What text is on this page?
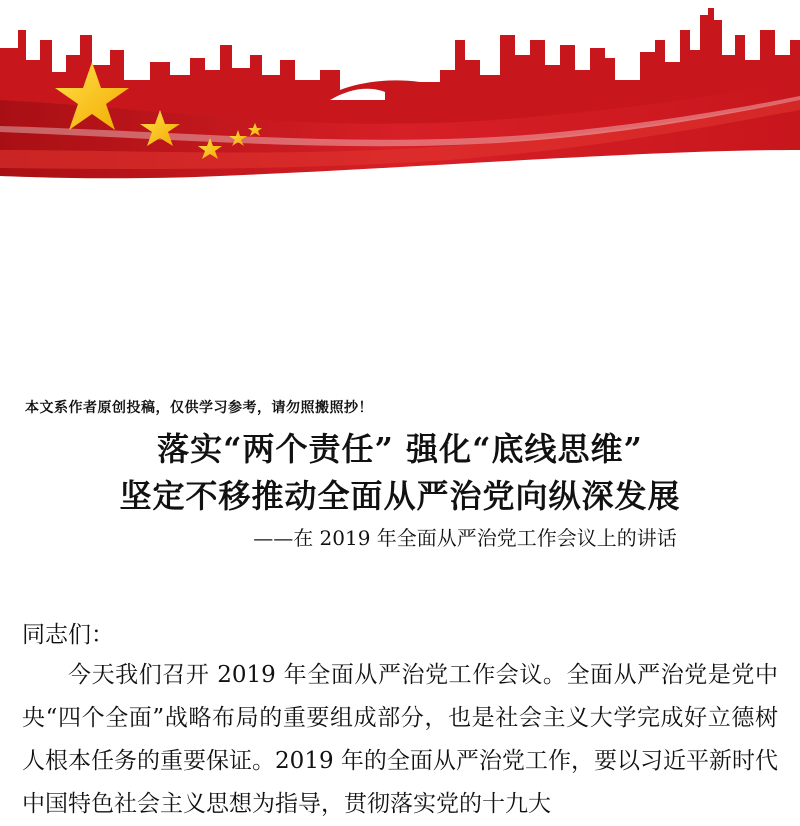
本文系作者原创投稿，仅供学习参考，请勿照搬照抄！
落实“两个责任” 强化“底线思维”
坚定不移推动全面从严治党向纵深发展
——在 2019 年全面从严治党工作会议上的讲话
同志们：
今天我们召开 2019 年全面从严治党工作会议。全面从严治党是党中央“四个全面”战略布局的重要组成部分，也是社会主义大学完成好立德树人根本任务的重要保证。2019 年的全面从严治党工作，要以习近平新时代中国特色社会主义思想为指导，贯彻落实党的十九大
